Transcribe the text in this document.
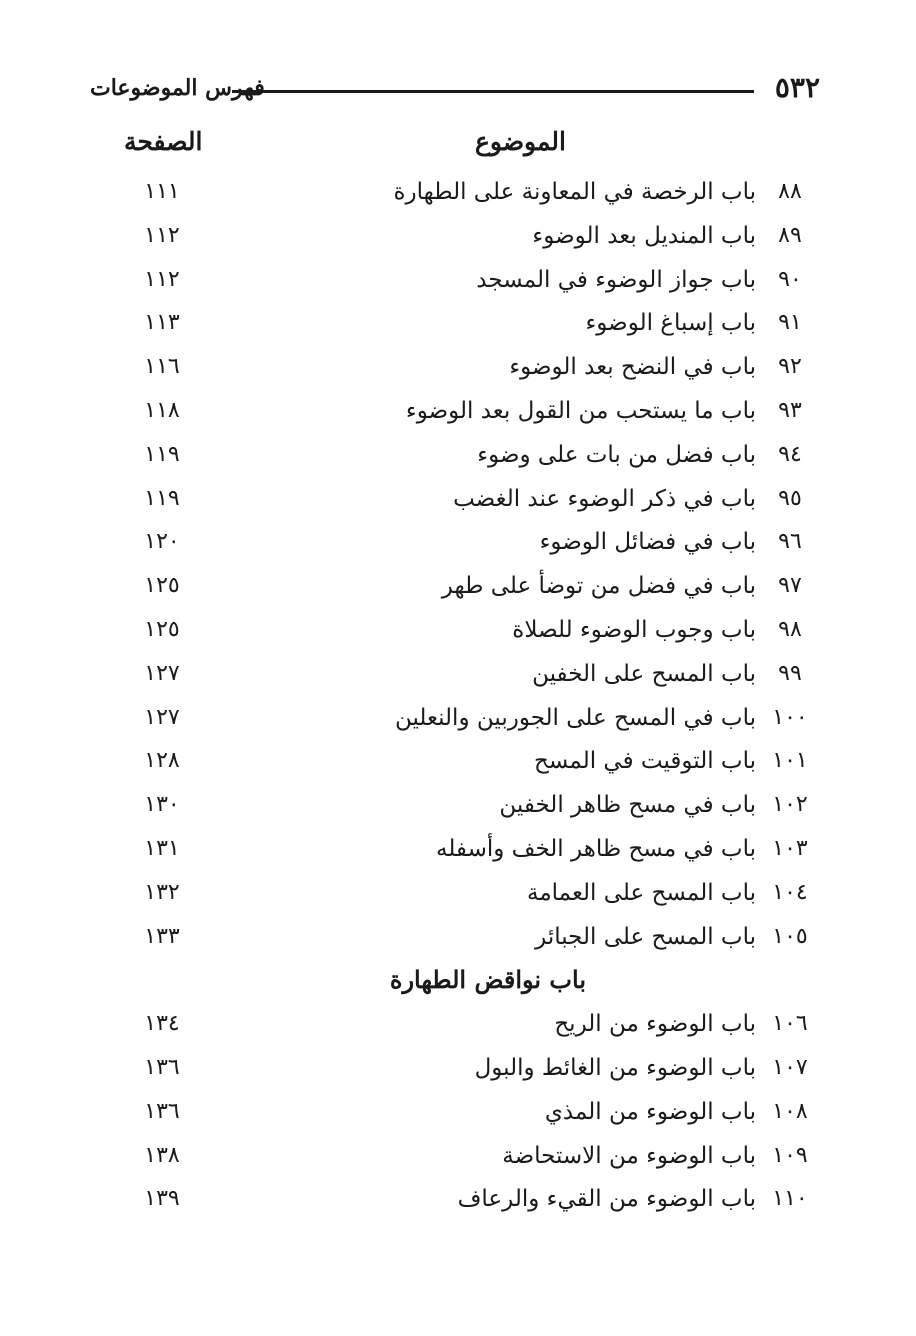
٥٣٢
فهرس الموضوعات
الموضوع
الصفحة
٨٨
باب الرخصة في المعاونة على الطهارة
١١١
٨٩
باب المنديل بعد الوضوء
١١٢
٩٠
باب جواز الوضوء في المسجد
١١٢
٩١
باب إسباغ الوضوء
١١٣
٩٢
باب في النضح بعد الوضوء
١١٦
٩٣
باب ما يستحب من القول بعد الوضوء
١١٨
٩٤
باب فضل من بات على وضوء
١١٩
٩٥
باب في ذكر الوضوء عند الغضب
١١٩
٩٦
باب في فضائل الوضوء
١٢٠
٩٧
باب في فضل من توضأ على طهر
١٢٥
٩٨
باب وجوب الوضوء للصلاة
١٢٥
٩٩
باب المسح على الخفين
١٢٧
١٠٠
باب في المسح على الجوربين والنعلين
١٢٧
١٠١
باب التوقيت في المسح
١٢٨
١٠٢
باب في مسح ظاهر الخفين
١٣٠
١٠٣
باب في مسح ظاهر الخف وأسفله
١٣١
١٠٤
باب المسح على العمامة
١٣٢
١٠٥
باب المسح على الجبائر
١٣٣
باب نواقض الطهارة
١٠٦
باب الوضوء من الريح
١٣٤
١٠٧
باب الوضوء من الغائط والبول
١٣٦
١٠٨
باب الوضوء من المذي
١٣٦
١٠٩
باب الوضوء من الاستحاضة
١٣٨
١١٠
باب الوضوء من القيء والرعاف
١٣٩
